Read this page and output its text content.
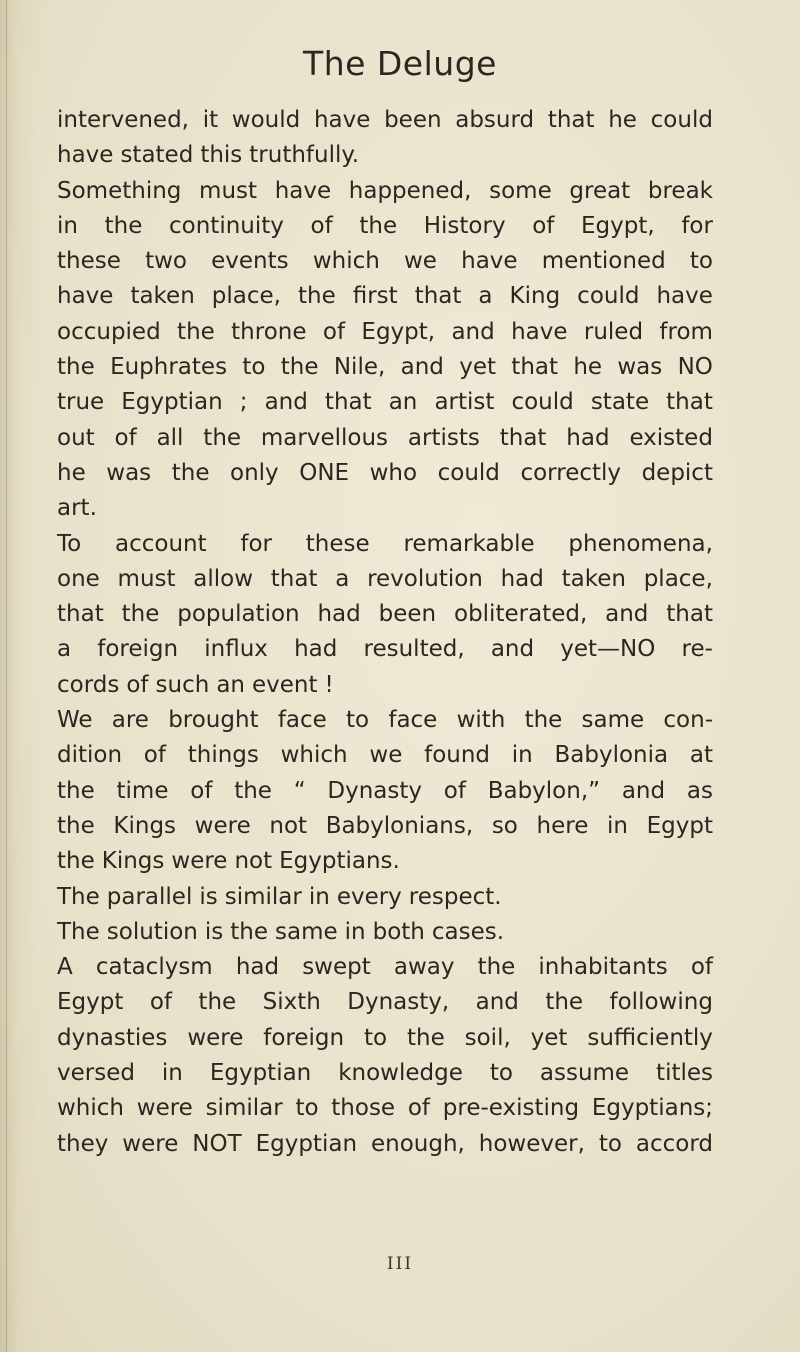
The Deluge
intervened, it would have been absurd that he could
have stated this truthfully.
Something must have happened, some great break
in the continuity of the History of Egypt, for
these two events which we have mentioned to
have taken place, the first that a King could have
occupied the throne of Egypt, and have ruled from
the Euphrates to the Nile, and yet that he was NO
true Egyptian ; and that an artist could state that
out of all the marvellous artists that had existed
he was the only ONE who could correctly depict
art.
To account for these remarkable phenomena,
one must allow that a revolution had taken place,
that the population had been obliterated, and that
a foreign influx had resulted, and yet—NO re-
cords of such an event !
We are brought face to face with the same con-
dition of things which we found in Babylonia at
the time of the “ Dynasty of Babylon,” and as
the Kings were not Babylonians, so here in Egypt
the Kings were not Egyptians.
The parallel is similar in every respect.
The solution is the same in both cases.
A cataclysm had swept away the inhabitants of
Egypt of the Sixth Dynasty, and the following
dynasties were foreign to the soil, yet sufficiently
versed in Egyptian knowledge to assume titles
which were similar to those of pre-existing Egyptians;
they were NOT Egyptian enough, however, to accord
III
